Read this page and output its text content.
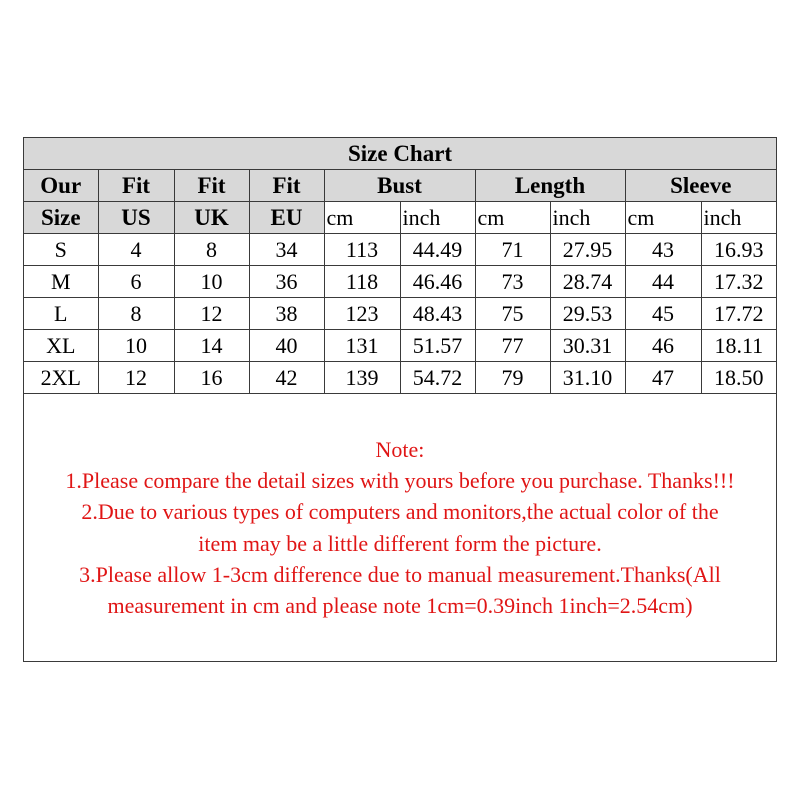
Size Chart									
Our	Fit	Fit	Fit	Bust		Length		Sleeve	
Size	US	UK	EU	cm	inch	cm	inch	cm	inch
S	4	8	34	113	44.49	71	27.95	43	16.93
M	6	10	36	118	46.46	73	28.74	44	17.32
L	8	12	38	123	48.43	75	29.53	45	17.72
XL	10	14	40	131	51.57	77	30.31	46	18.11
2XL	12	16	42	139	54.72	79	31.10	47	18.50
Note:
1.Please compare the detail sizes with yours before you purchase. Thanks!!!
2.Due to various types of computers and monitors,the actual color of the
item may be a little different form the picture.
3.Please allow 1-3cm difference due to manual measurement.Thanks(All
measurement in cm and please note 1cm=0.39inch 1inch=2.54cm)
